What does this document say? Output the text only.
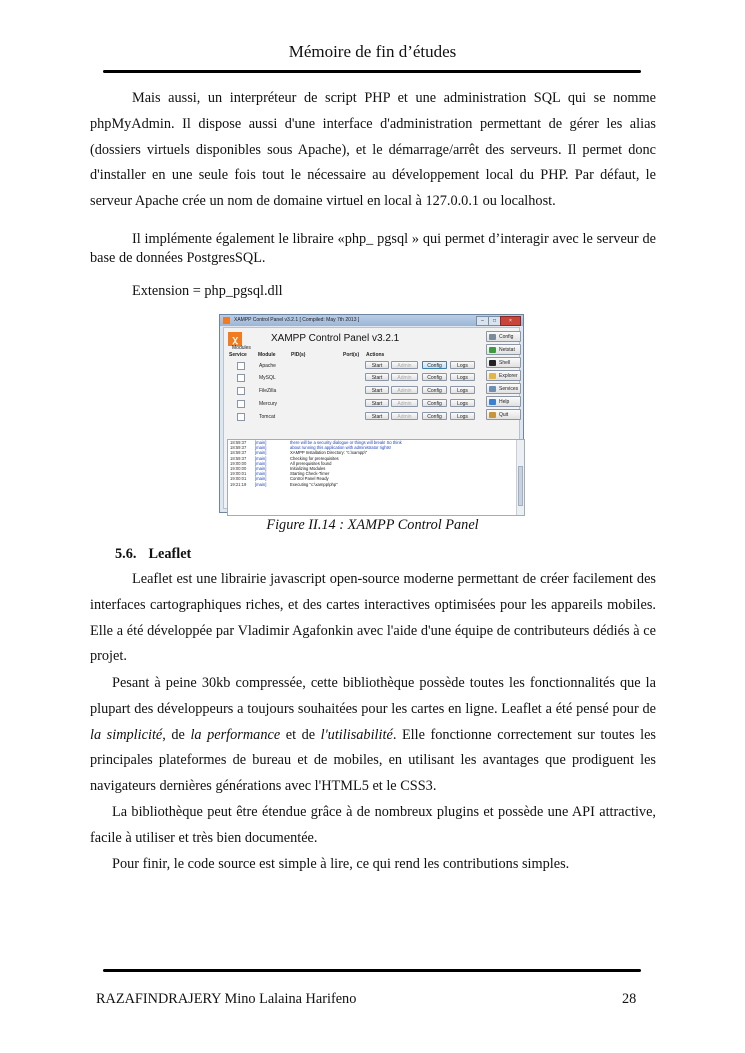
Mémoire de fin d’études

Mais aussi, un interpréteur de script PHP et une administration SQL qui se nomme phpMyAdmin. Il dispose aussi d'une interface d'administration permettant de gérer les alias (dossiers virtuels disponibles sous Apache), et le démarrage/arrêt des serveurs. Il permet donc d'installer en une seule fois tout le nécessaire au développement local du PHP. Par défaut, le serveur Apache crée un nom de domaine virtuel en local à 127.0.0.1 ou localhost.

Il implémente également le libraire «php_ pgsql » qui permet d’interagir avec le serveur de base de données PostgresSQL.

Extension = php_pgsql.dll
XAMPP Control Panel v3.2.1 [ Compiled: May 7th 2013 ]	–	□	×
ꭓ	XAMPP Control Panel v3.2.1
Modules
Service Module	PID(s)	Port(s) Actions
Apache	Start	Admin	Config	Logs
MySQL	Start	Admin	Config	Logs
FileZilla	Start	Admin	Config	Logs
Mercury	Start	Admin	Config	Logs
Tomcat	Start	Admin	Config	Logs
Config
Netstat
Shell
Explorer
Services
Help
Quit
18:59:37 [main]	there will be a security dialogue or things will break! So think
18:59:37 [main]	about running this application with administrator rights!
18:59:37 [main]	XAMPP Installation Directory: "c:\xampp\"
18:59:37 [main]	Checking for prerequisites
19:00:00 [main]	All prerequisites found
19:00:00 [main]	Initializing Modules
19:00:01 [main]	Starting Check-Timer
19:00:01 [main]	Control Panel Ready
19:21:19 [main]	Executing "c:\xampp\php"
Figure II.14 : XAMPP Control Panel
5.6. Leaflet

Leaflet est une librairie javascript open-source moderne permettant de créer facilement des interfaces cartographiques riches, et des cartes interactives optimisées pour les appareils mobiles. Elle a été développée par Vladimir Agafonkin avec l'aide d'une équipe de contributeurs dédiés à ce projet.

Pesant à peine 30kb compressée, cette bibliothèque possède toutes les fonctionnalités que la plupart des développeurs a toujours souhaitées pour les cartes en ligne. Leaflet a été pensé pour de la simplicité, de la performance et de l'utilisabilité. Elle fonctionne correctement sur toutes les principales plateformes de bureau et de mobiles, en utilisant les avantages que prodiguent les navigateurs dernières générations avec l'HTML5 et le CSS3.

La bibliothèque peut être étendue grâce à de nombreux plugins et possède une API attractive, facile à utiliser et très bien documentée.

Pour finir, le code source est simple à lire, ce qui rend les contributions simples.

RAZAFINDRAJERY Mino Lalaina Harifeno	28
